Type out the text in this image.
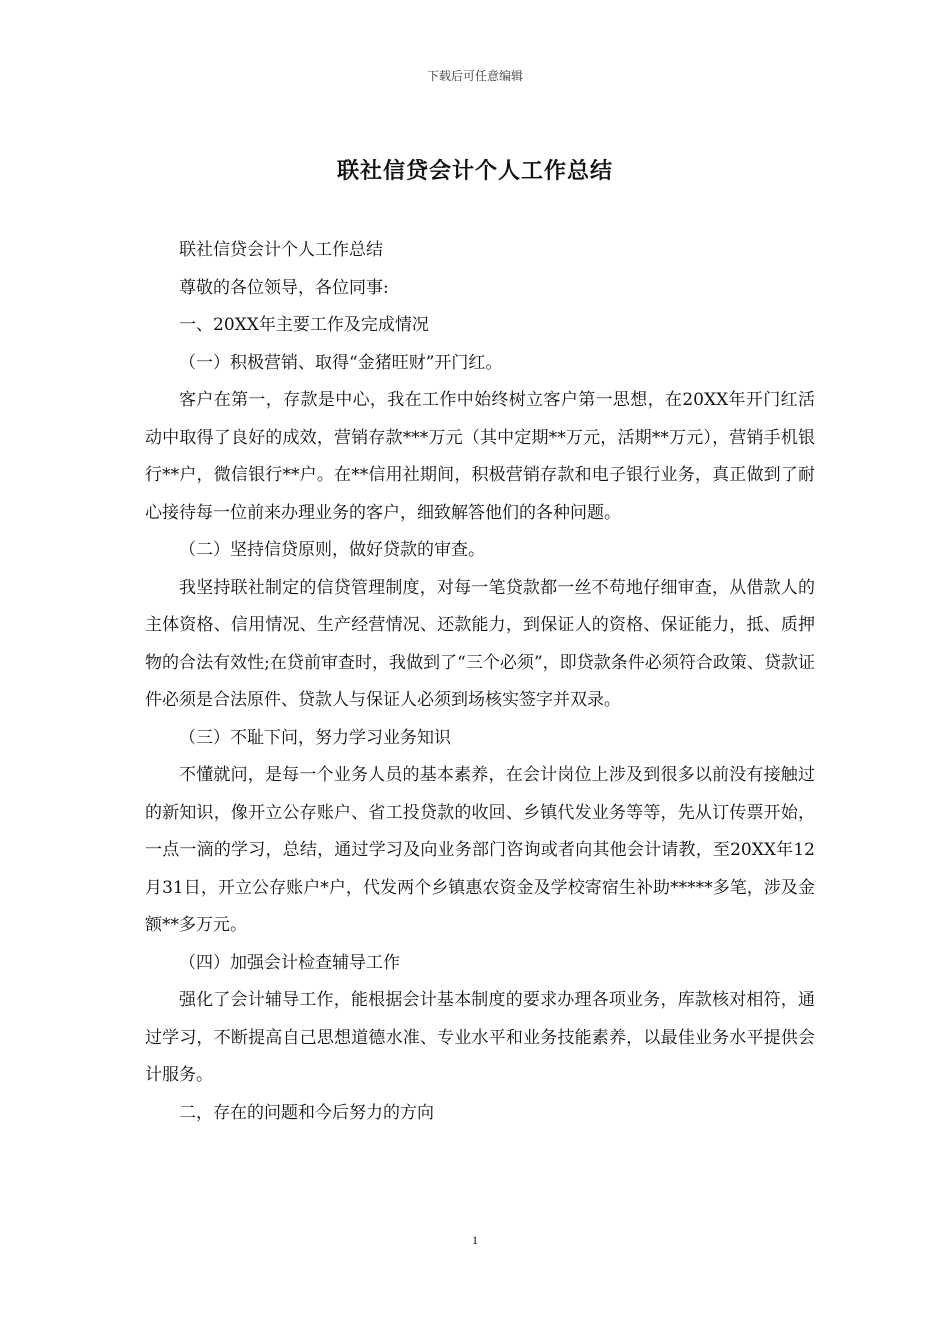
下载后可任意编辑
联社信贷会计个人工作总结

联社信贷会计个人工作总结

尊敬的各位领导，各位同事:

一、20XX年主要工作及完成情况

（一）积极营销、取得“金猪旺财”开门红。

客户在第一，存款是中心，我在工作中始终树立客户第一思想，在20XX年开门红活动中取得了良好的成效，营销存款***万元（其中定期**万元，活期**万元），营销手机银行**户，微信银行**户。在**信用社期间，积极营销存款和电子银行业务，真正做到了耐心接待每一位前来办理业务的客户，细致解答他们的各种问题。

（二）坚持信贷原则，做好贷款的审查。

我坚持联社制定的信贷管理制度，对每一笔贷款都一丝不苟地仔细审查，从借款人的主体资格、信用情况、生产经营情况、还款能力，到保证人的资格、保证能力，抵、质押物的合法有效性;在贷前审查时，我做到了“三个必须”，即贷款条件必须符合政策、贷款证件必须是合法原件、贷款人与保证人必须到场核实签字并双录。

（三）不耻下问，努力学习业务知识

不懂就问，是每一个业务人员的基本素养，在会计岗位上涉及到很多以前没有接触过的新知识，像开立公存账户、省工投贷款的收回、乡镇代发业务等等，先从订传票开始，一点一滴的学习，总结，通过学习及向业务部门咨询或者向其他会计请教，至20XX年12月31日，开立公存账户*户，代发两个乡镇惠农资金及学校寄宿生补助*****多笔，涉及金额**多万元。

（四）加强会计检查辅导工作

强化了会计辅导工作，能根据会计基本制度的要求办理各项业务，库款核对相符，通过学习，不断提高自己思想道德水准、专业水平和业务技能素养，以最佳业务水平提供会计服务。

二，存在的问题和今后努力的方向

1
